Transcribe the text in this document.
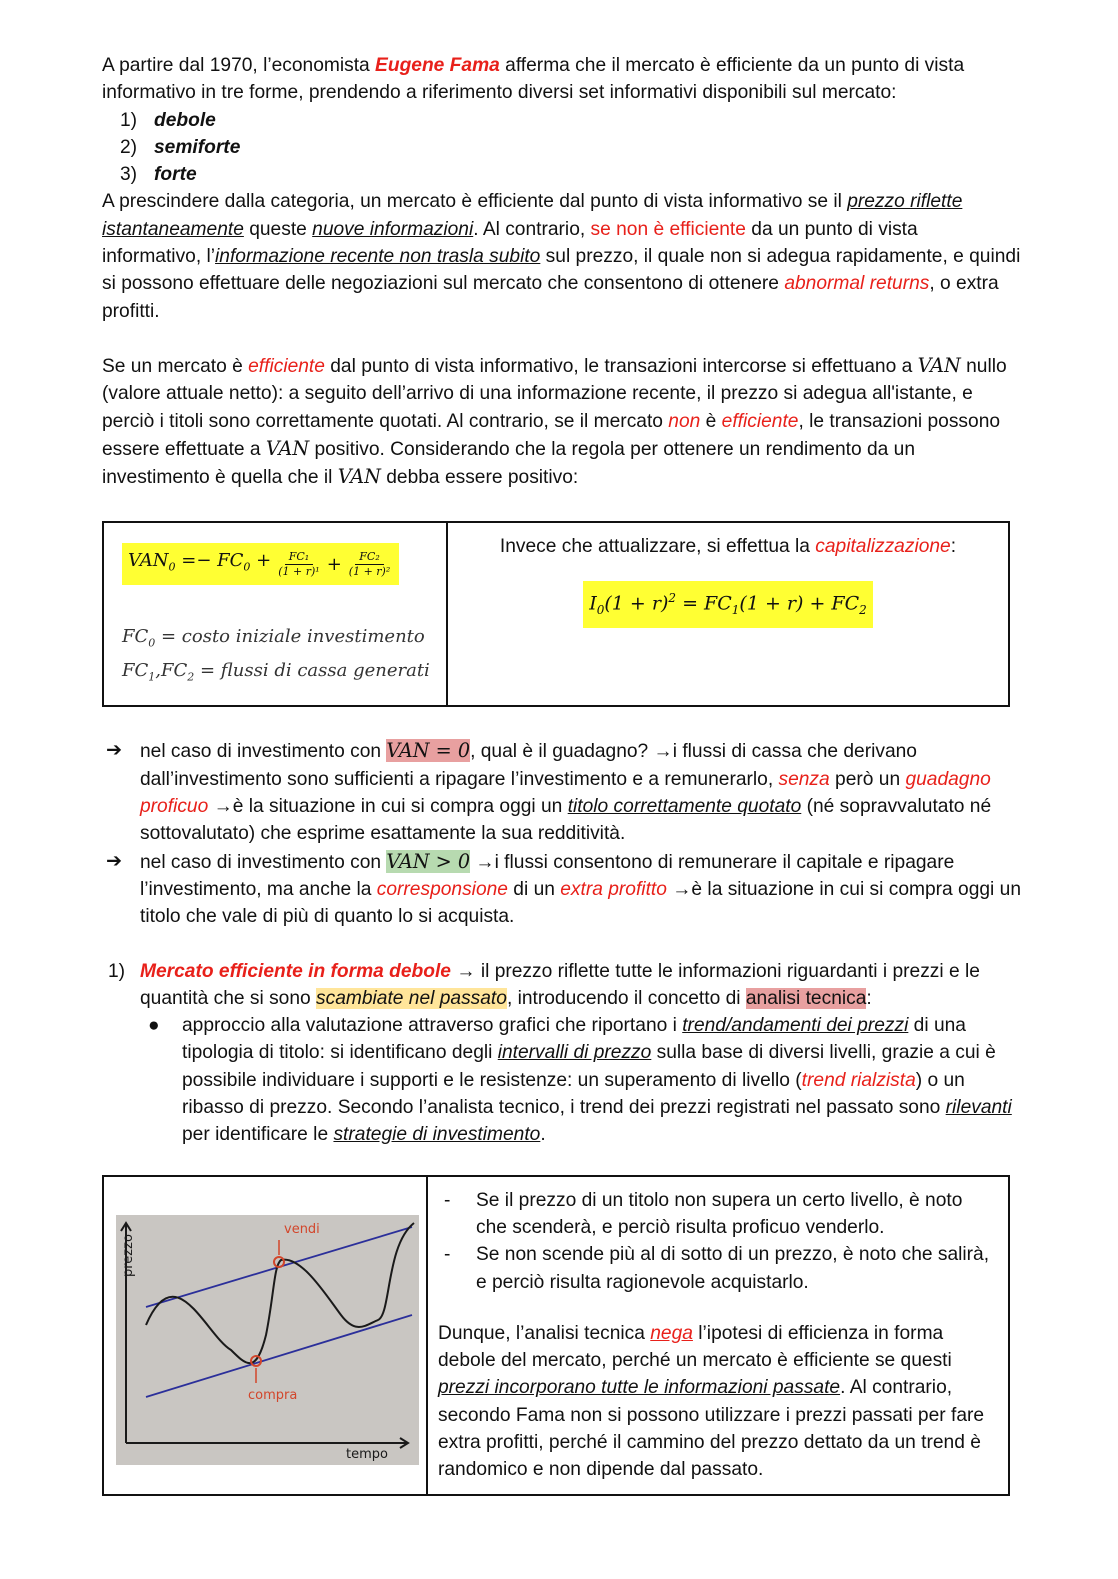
A partire dal 1970, l’economista Eugene Fama afferma che il mercato è efficiente da un punto di vista informativo in tre forme, prendendo a riferimento diversi set informativi disponibili sul mercato:

1) debole
2) semiforte
3) forte

A prescindere dalla categoria, un mercato è efficiente dal punto di vista informativo se il prezzo riflette istantaneamente queste nuove informazioni. Al contrario, se non è efficiente da un punto di vista informativo, l’informazione recente non trasla subito sul prezzo, il quale non si adegua rapidamente, e quindi si possono effettuare delle negoziazioni sul mercato che consentono di ottenere abnormal returns, o extra profitti.

Se un mercato è efficiente dal punto di vista informativo, le transazioni intercorse si effettuano a VAN nullo (valore attuale netto): a seguito dell’arrivo di una informazione recente, il prezzo si adegua all'istante, e perciò i titoli sono correttamente quotati. Al contrario, se il mercato non è efficiente, le transazioni possono essere effettuate a VAN positivo. Considerando che la regola per ottenere un rendimento da un investimento è quella che il VAN debba essere positivo:

$VAN_0 =- FC_0 + \frac{\text{FC₁}}{\text{(1 + r)¹}} + \frac{\text{FC₂}}{\text{(1 + r)²}}$
$FC_0$ = costo iniziale investimento
$FC_1,FC_2$ = flussi di cassa generati

Invece che attualizzare, si effettua la capitalizzazione:
$I_0(1 + r)^2 = FC_1(1 + r) + FC_2$
➔ nel caso di investimento con VAN = 0, qual è il guadagno? →i flussi di cassa che derivano dall’investimento sono sufficienti a ripagare l’investimento e a remunerarlo, senza però un guadagno proficuo →è la situazione in cui si compra oggi un titolo correttamente quotato (né sopravvalutato né sottovalutato) che esprime esattamente la sua redditività.
➔ nel caso di investimento con VAN > 0 →i flussi consentono di remunerare il capitale e ripagare l’investimento, ma anche la corresponsione di un extra profitto →è la situazione in cui si compra oggi un titolo che vale di più di quanto lo si acquista.
1) Mercato efficiente in forma debole → il prezzo riflette tutte le informazioni riguardanti i prezzi e le quantità che si sono scambiate nel passato, introducendo il concetto di analisi tecnica:
● approccio alla valutazione attraverso grafici che riportano i trend/andamenti dei prezzi di una tipologia di titolo: si identificano degli intervalli di prezzo sulla base di diversi livelli, grazie a cui è possibile individuare i supporti e le resistenze: un superamento di livello (trend rialzista) o un ribasso di prezzo. Secondo l’analista tecnico, i trend dei prezzi registrati nel passato sono rilevanti per identificare le strategie di investimento.
vendi
compra
tempo
prezzo

- Se il prezzo di un titolo non supera un certo livello, è noto che scenderà, e perciò risulta proficuo venderlo.
- Se non scende più al di sotto di un prezzo, è noto che salirà, e perciò risulta ragionevole acquistarlo.

Dunque, l’analisi tecnica nega l’ipotesi di efficienza in forma debole del mercato, perché un mercato è efficiente se questi prezzi incorporano tutte le informazioni passate. Al contrario, secondo Fama non si possono utilizzare i prezzi passati per fare extra profitti, perché il cammino del prezzo dettato da un trend è randomico e non dipende dal passato.
